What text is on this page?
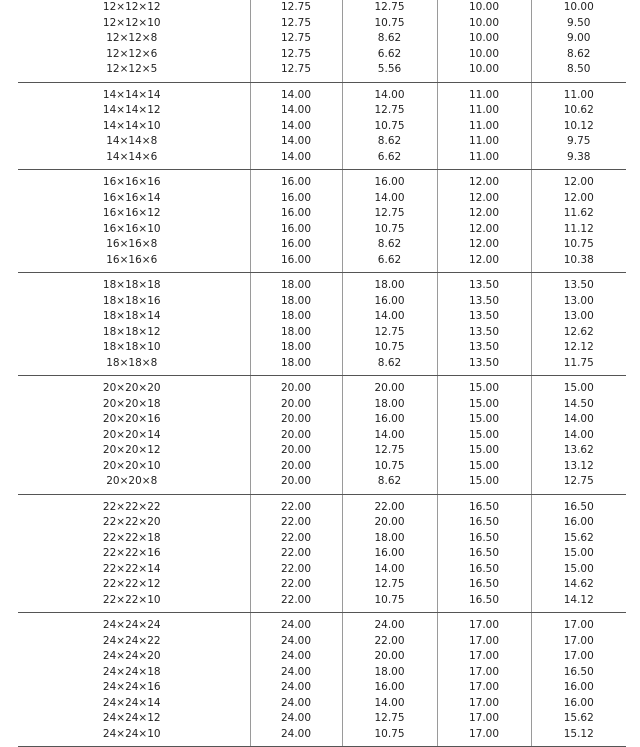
12×12×12	12.75	12.75	10.00	10.00
12×12×10	12.75	10.75	10.00	9.50
12×12×8	12.75	8.62	10.00	9.00
12×12×6	12.75	6.62	10.00	8.62
12×12×5	12.75	5.56	10.00	8.50
14×14×14	14.00	14.00	11.00	11.00
14×14×12	14.00	12.75	11.00	10.62
14×14×10	14.00	10.75	11.00	10.12
14×14×8	14.00	8.62	11.00	9.75
14×14×6	14.00	6.62	11.00	9.38
16×16×16	16.00	16.00	12.00	12.00
16×16×14	16.00	14.00	12.00	12.00
16×16×12	16.00	12.75	12.00	11.62
16×16×10	16.00	10.75	12.00	11.12
16×16×8	16.00	8.62	12.00	10.75
16×16×6	16.00	6.62	12.00	10.38
18×18×18	18.00	18.00	13.50	13.50
18×18×16	18.00	16.00	13.50	13.00
18×18×14	18.00	14.00	13.50	13.00
18×18×12	18.00	12.75	13.50	12.62
18×18×10	18.00	10.75	13.50	12.12
18×18×8	18.00	8.62	13.50	11.75
20×20×20	20.00	20.00	15.00	15.00
20×20×18	20.00	18.00	15.00	14.50
20×20×16	20.00	16.00	15.00	14.00
20×20×14	20.00	14.00	15.00	14.00
20×20×12	20.00	12.75	15.00	13.62
20×20×10	20.00	10.75	15.00	13.12
20×20×8	20.00	8.62	15.00	12.75
22×22×22	22.00	22.00	16.50	16.50
22×22×20	22.00	20.00	16.50	16.00
22×22×18	22.00	18.00	16.50	15.62
22×22×16	22.00	16.00	16.50	15.00
22×22×14	22.00	14.00	16.50	15.00
22×22×12	22.00	12.75	16.50	14.62
22×22×10	22.00	10.75	16.50	14.12
24×24×24	24.00	24.00	17.00	17.00
24×24×22	24.00	22.00	17.00	17.00
24×24×20	24.00	20.00	17.00	17.00
24×24×18	24.00	18.00	17.00	16.50
24×24×16	24.00	16.00	17.00	16.00
24×24×14	24.00	14.00	17.00	16.00
24×24×12	24.00	12.75	17.00	15.62
24×24×10	24.00	10.75	17.00	15.12
